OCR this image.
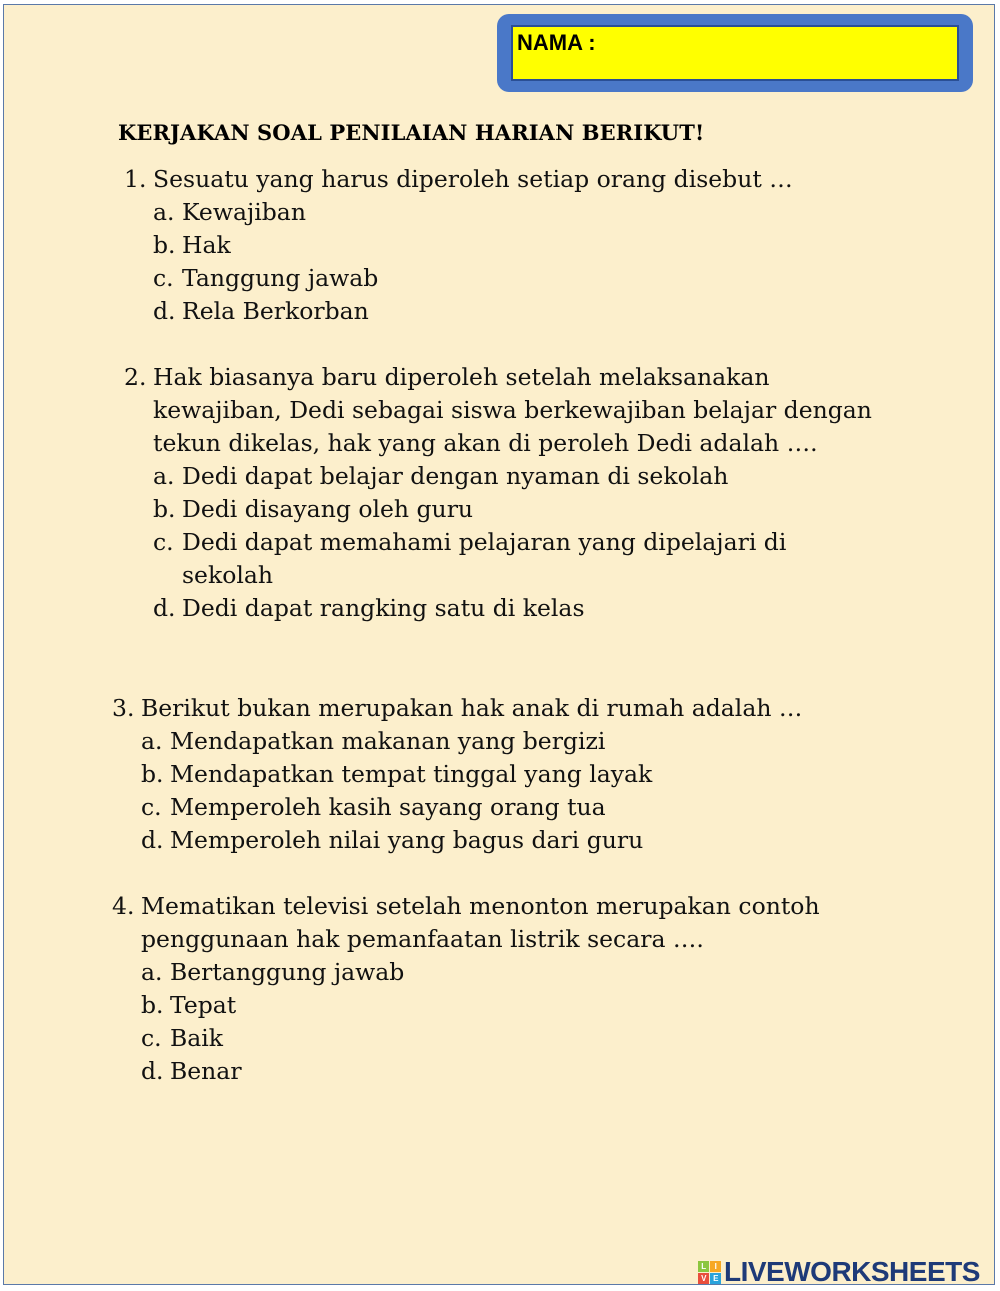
NAMA :
KERJAKAN SOAL PENILAIAN HARIAN BERIKUT!
1. Sesuatu yang harus diperoleh setiap orang disebut …
a. Kewajiban
b. Hak
c. Tanggung jawab
d. Rela Berkorban
2. Hak biasanya baru diperoleh setelah melaksanakan kewajiban, Dedi sebagai siswa berkewajiban belajar dengan tekun dikelas, hak yang akan di peroleh Dedi adalah ….
a. Dedi dapat belajar dengan nyaman di sekolah
b. Dedi disayang oleh guru
c. Dedi dapat memahami pelajaran yang dipelajari di sekolah
d. Dedi dapat rangking satu di kelas
3. Berikut bukan merupakan hak anak di rumah adalah …
a. Mendapatkan makanan yang bergizi
b. Mendapatkan tempat tinggal yang layak
c. Memperoleh kasih sayang orang tua
d. Memperoleh nilai yang bagus dari guru
4. Mematikan televisi setelah menonton merupakan contoh penggunaan hak pemanfaatan listrik secara ….
a. Bertanggung jawab
b. Tepat
c. Baik
d. Benar
L	I
V E LIVEWORKSHEETS
